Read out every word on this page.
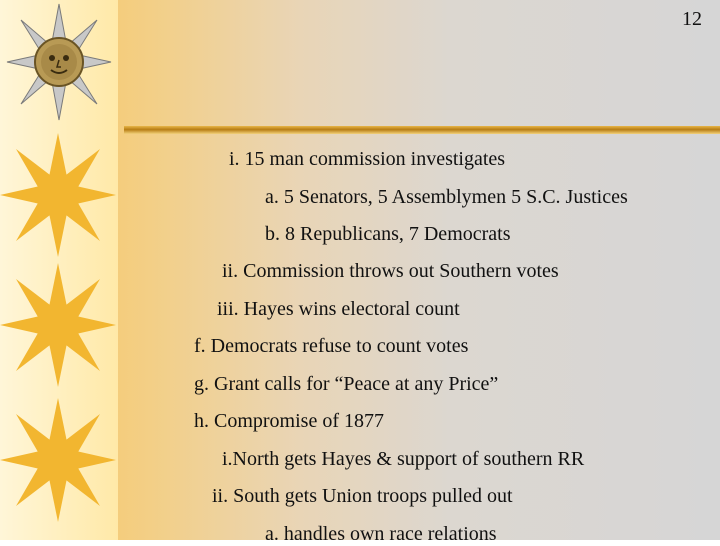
12
i. 15 man commission investigates
a. 5 Senators, 5 Assemblymen 5 S.C. Justices
b. 8 Republicans, 7 Democrats
ii. Commission throws out Southern votes
iii. Hayes wins electoral count
f. Democrats refuse to count votes
g. Grant calls for “Peace at any Price”
h. Compromise of 1877
i.North gets Hayes & support of southern RR
ii. South gets Union troops pulled out
a. handles own race relations
